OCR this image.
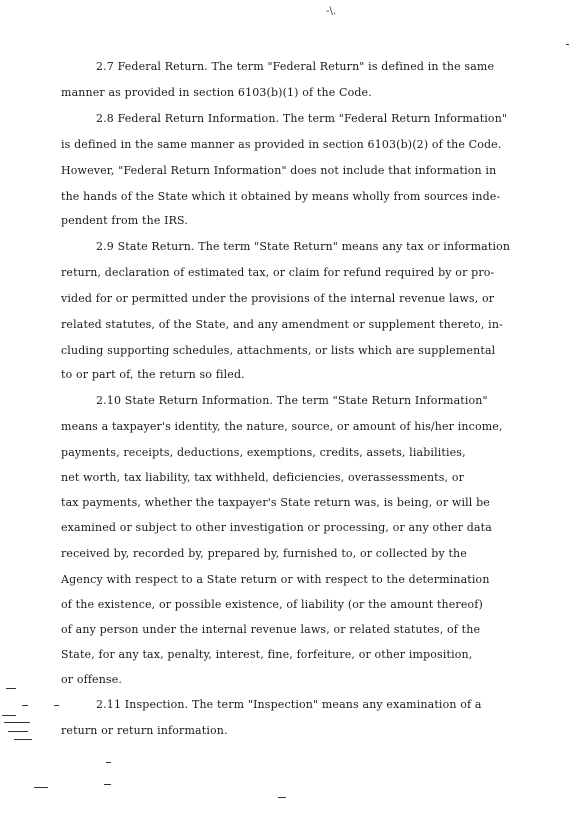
-\.
2.7 Federal Return. The term "Federal Return" is defined in the same
manner as provided in section 6103(b)(1) of the Code.
2.8 Federal Return Information. The term "Federal Return Information"
is defined in the same manner as provided in section 6103(b)(2) of the Code.
However, "Federal Return Information" does not include that information in
the hands of the State which it obtained by means wholly from sources inde-
pendent from the IRS.
2.9 State Return. The term "State Return" means any tax or information
return, declaration of estimated tax, or claim for refund required by or pro-
vided for or permitted under the provisions of the internal revenue laws, or
related statutes, of the State, and any amendment or supplement thereto, in-
cluding supporting schedules, attachments, or lists which are supplemental
to or part of, the return so filed.
2.10 State Return Information. The term "State Return Information"
means a taxpayer's identity, the nature, source, or amount of his/her income,
payments, receipts, deductions, exemptions, credits, assets, liabilities,
net worth, tax liability, tax withheld, deficiencies, overassessments, or
tax payments, whether the taxpayer's State return was, is being, or will be
examined or subject to other investigation or processing, or any other data
received by, recorded by, prepared by, furnished to, or collected by the
Agency with respect to a State return or with respect to the determination
of the existence, or possible existence, of liability (or the amount thereof)
of any person under the internal revenue laws, or related statutes, of the
State, for any tax, penalty, interest, fine, forfeiture, or other imposition,
or offense.
2.11 Inspection. The term "Inspection" means any examination of a
return or return information.
